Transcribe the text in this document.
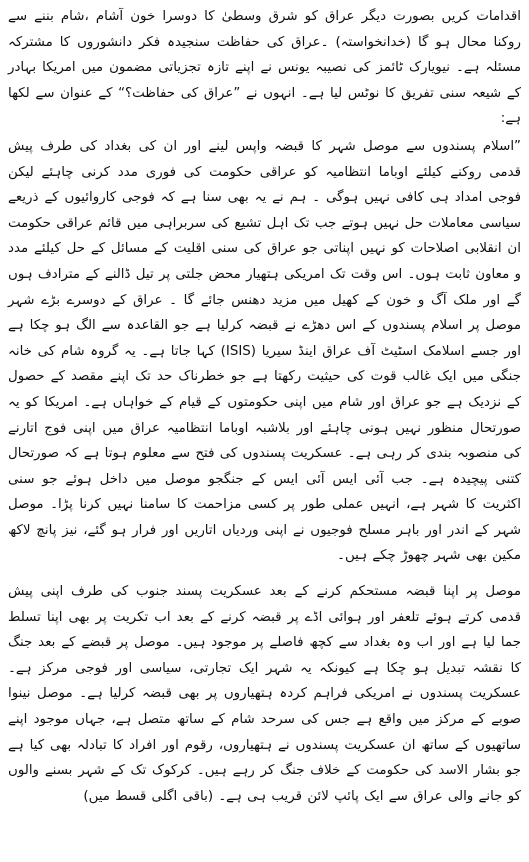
اقدامات کریں بصورت دیگر عراق کو شرق وسطیٰ کا دوسرا خون آشام ،شام بننے سے روکنا محال ہو گا (خدانخواستہ) ۔عراق کی حفاظت سنجیدہ فکر دانشوروں کا مشترکہ مسئلہ ہے۔ نیویارک ٹائمز کی نصیبہ یونس نے اپنے تازہ تجزیاتی مضمون میں امریکا بہادر کے شیعہ سنی تفریق کا نوٹس لیا ہے۔ انہوں نے ”عراق کی حفاظت؟“ کے عنوان سے لکھا ہے:

”اسلام پسندوں سے موصل شہر کا قبضہ واپس لینے اور ان کی بغداد کی طرف پیش قدمی روکنے کیلئے اوباما انتظامیہ کو عراقی حکومت کی فوری مدد کرنی چاہئے لیکن فوجی امداد ہی کافی نہیں ہوگی ۔ ہم نے یہ بھی سنا ہے کہ فوجی کاروائیوں کے ذریعے سیاسی معاملات حل نہیں ہوتے جب تک اہل تشیع کی سربراہی میں قائم عراقی حکومت ان انقلابی اصلاحات کو نہیں اپناتی جو عراق کی سنی اقلیت کے مسائل کے حل کیلئے مدد و معاون ثابت ہوں۔ اس وقت تک امریکی ہتھیار محض جلتی پر تیل ڈالنے کے مترادف ہوں گے اور ملک آگ و خون کے کھیل میں مزید دھنس جائے گا ۔ عراق کے دوسرے بڑے شہر موصل پر اسلام پسندوں کے اس دھڑے نے قبضہ کرلیا ہے جو القاعدہ سے الگ ہو چکا ہے اور جسے اسلامک اسٹیٹ آف عراق اینڈ سیریا (ISIS) کہا جاتا ہے۔ یہ گروہ شام کی خانہ جنگی میں ایک غالب قوت کی حیثیت رکھتا ہے جو خطرناک حد تک اپنے مقصد کے حصول کے نزدیک ہے جو عراق اور شام میں اپنی حکومتوں کے قیام کے خواہاں ہے۔ امریکا کو یہ صورتحال منظور نہیں ہونی چاہئے اور بلاشبہ اوباما انتظامیہ عراق میں اپنی فوج اتارنے کی منصوبہ بندی کر رہی ہے۔ عسکریت پسندوں کی فتح سے معلوم ہوتا ہے کہ صورتحال کتنی پیچیدہ ہے۔ جب آئی ایس آئی ایس کے جنگجو موصل میں داخل ہوئے جو سنی اکثریت کا شہر ہے، انہیں عملی طور پر کسی مزاحمت کا سامنا نہیں کرنا پڑا۔ موصل شہر کے اندر اور باہر مسلح فوجیوں نے اپنی وردیاں اتاریں اور فرار ہو گئے، نیز پانچ لاکھ مکین بھی شہر چھوڑ چکے ہیں۔

موصل پر اپنا قبضہ مستحکم کرنے کے بعد عسکریت پسند جنوب کی طرف اپنی پیش قدمی کرتے ہوئے تلعفر اور ہوائی اڈے پر قبضہ کرنے کے بعد اب تکریت پر بھی اپنا تسلط جما لیا ہے اور اب وہ بغداد سے کچھ فاصلے پر موجود ہیں۔ موصل پر قبضے کے بعد جنگ کا نقشہ تبدیل ہو چکا ہے کیونکہ یہ شہر ایک تجارتی، سیاسی اور فوجی مرکز ہے۔ عسکریت پسندوں نے امریکی فراہم کردہ ہتھیاروں پر بھی قبضہ کرلیا ہے۔ موصل نینوا صوبے کے مرکز میں واقع ہے جس کی سرحد شام کے ساتھ متصل ہے، جہاں موجود اپنے ساتھیوں کے ساتھ ان عسکریت پسندوں نے ہتھیاروں، رقوم اور افراد کا تبادلہ بھی کیا ہے جو بشار الاسد کی حکومت کے خلاف جنگ کر رہے ہیں۔ کرکوک تک کے شہر بسنے والوں کو جانے والی عراق سے ایک پائپ لائن قریب ہی ہے۔ (باقی اگلی قسط میں)
